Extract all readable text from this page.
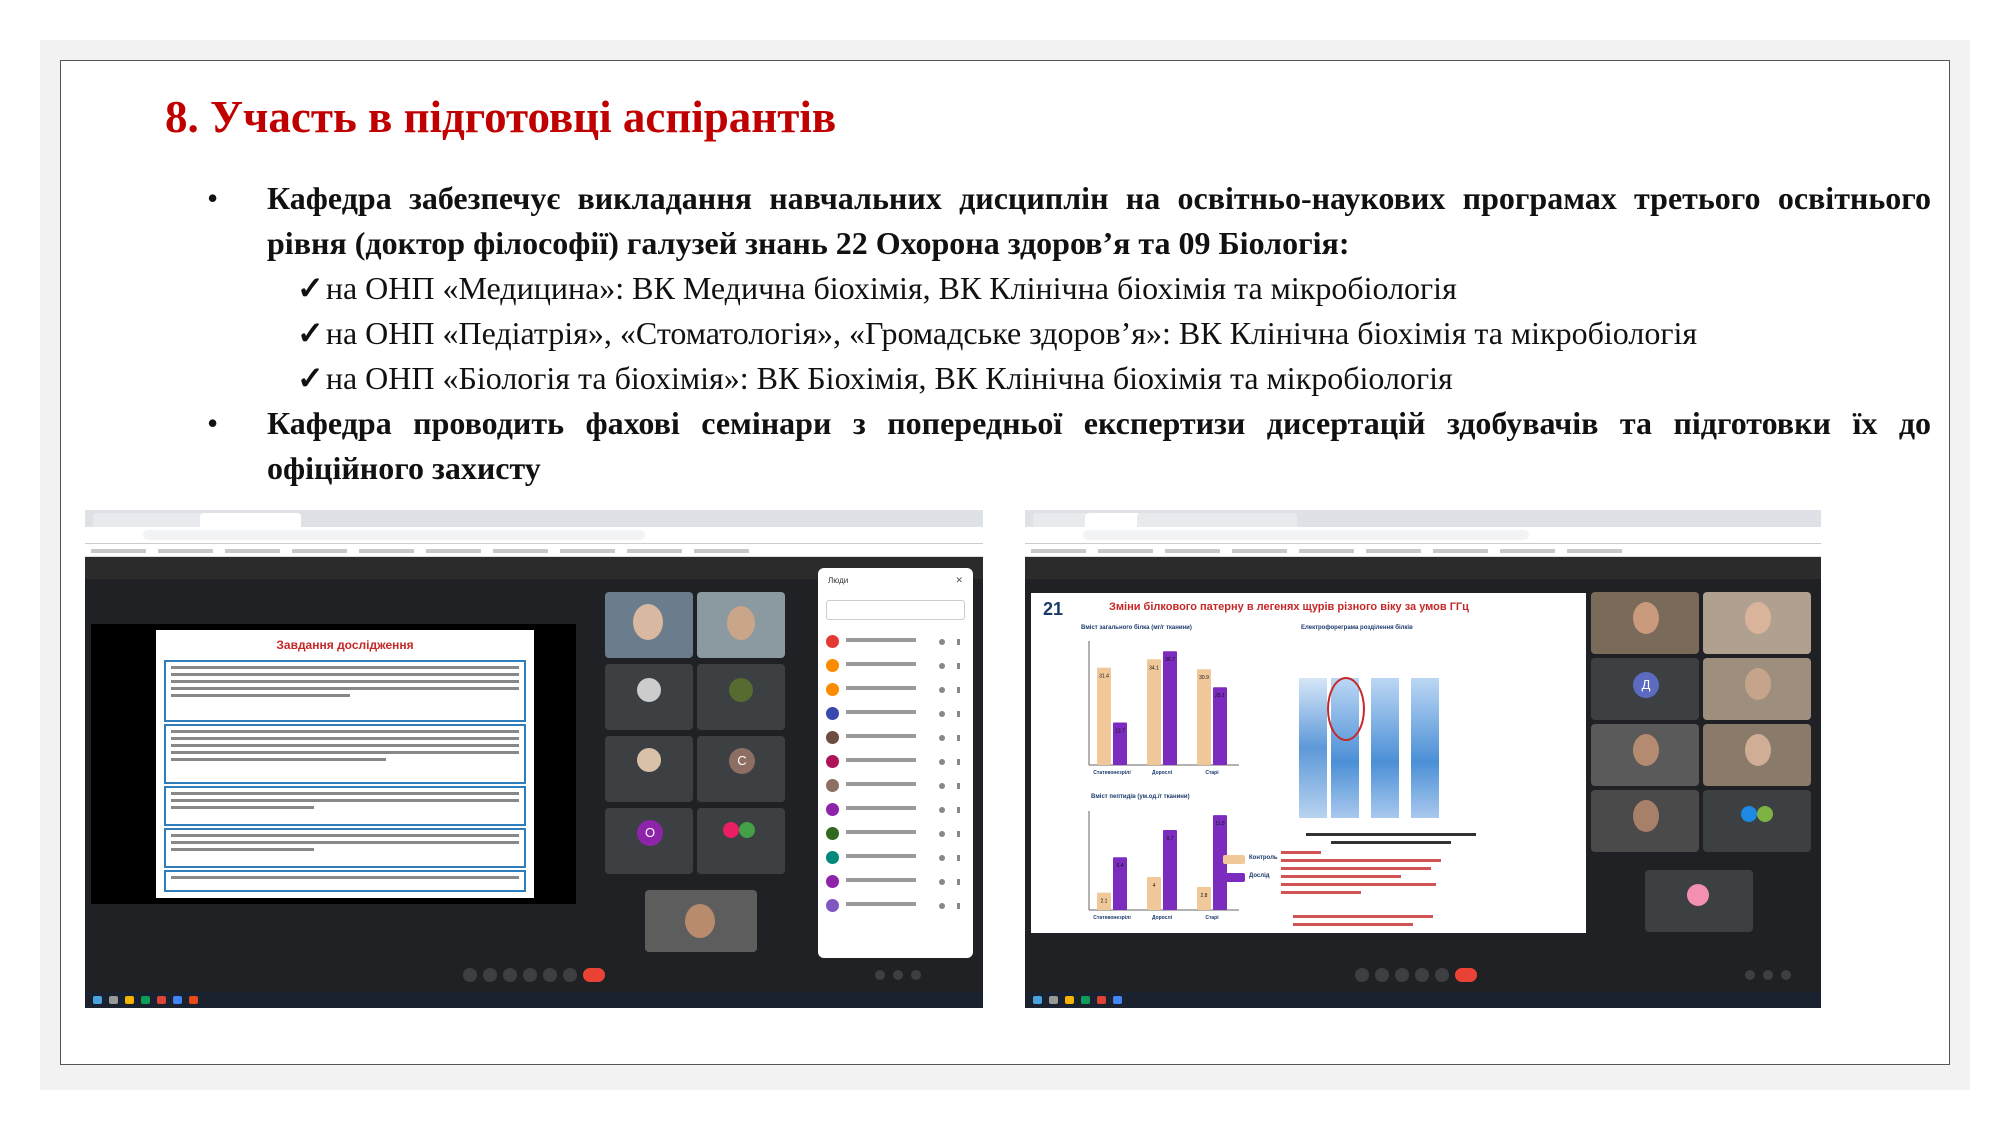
8. Участь в підготовці аспірантів
• Кафедра забезпечує викладання навчальних дисциплін на освітньо-наукових програмах третього освітнього рівня (доктор філософії) галузей знань 22 Охорона здоров’я та 09 Біологія:
✓на ОНП «Медицина»: ВК Медична біохімія, ВК Клінічна біохімія та мікробіологія
✓на ОНП «Педіатрія», «Стоматологія», «Громадське здоров’я»: ВК Клінічна біохімія та мікробіологія
✓на ОНП «Біологія та біохімія»: ВК Біохімія, ВК Клінічна біохімія та мікробіологія
• Кафедра проводить фахові семінари з попередньої експертизи дисертацій здобувачів та підготовки їх до офіційного захисту
Завдання дослідження
С
О
Люди	✕
21	Зміни білкового патерну в легенях щурів різного віку за умов ГГц
Вміст загального білка (мг/г тканини)
Вміст пептидів (ум.од./г тканини)
31.4
13.7
Статевонезрілі
34.1
36.7
Дорослі
30.9
25.1
Старі
2.1
6.4
Статевонезрілі
4
9.7
Дорослі
2.8
11.5
Старі
Електрофореграма розділення білків
Контроль
Дослід
Д
